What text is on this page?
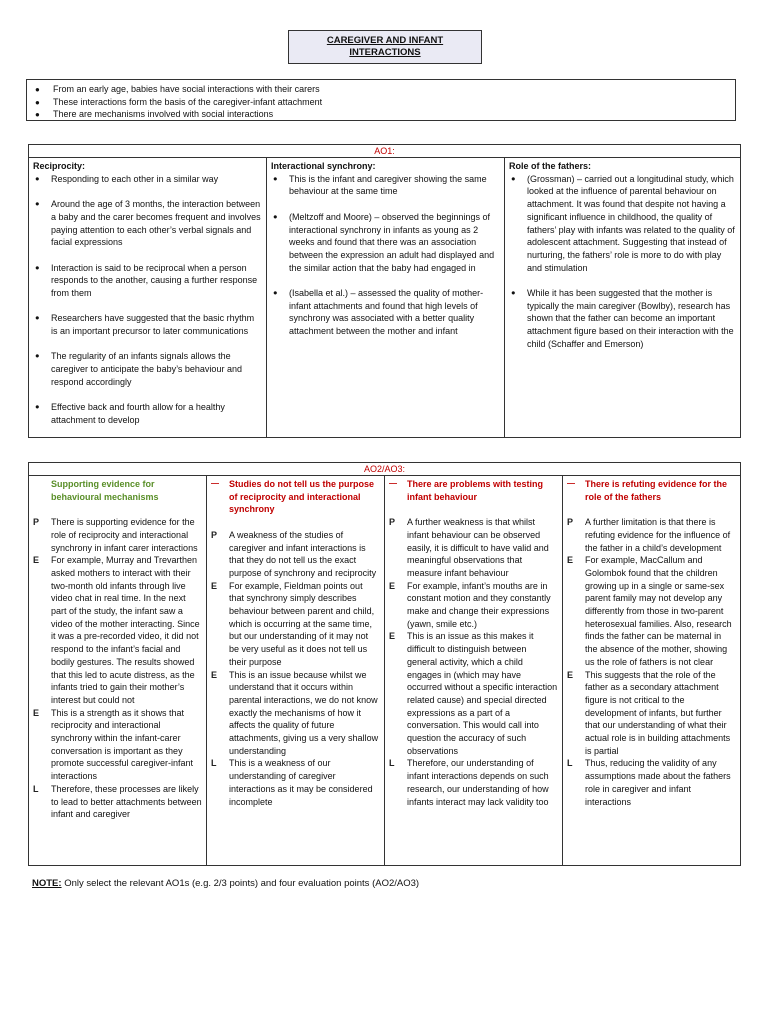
CAREGIVER AND INFANT
INTERACTIONS
● From an early age, babies have social interactions with their carers
● These interactions form the basis of the caregiver-infant attachment
● There are mechanisms involved with social interactions
AO1:

Reciprocity:
● Responding to each other in a similar way
● Around the age of 3 months, the interaction between a baby and the carer becomes frequent and involves paying attention to each other’s verbal signals and facial expressions
● Interaction is said to be reciprocal when a person responds to the another, causing a further response from them
● Researchers have suggested that the basic rhythm is an important precursor to later communications
● The regularity of an infants signals allows the caregiver to anticipate the baby’s behaviour and respond accordingly
● Effective back and fourth allow for a healthy attachment to develop

Interactional synchrony:
● This is the infant and caregiver showing the same behaviour at the same time
● (Meltzoff and Moore) – observed the beginnings of interactional synchrony in infants as young as 2 weeks and found that there was an association between the expression an adult had displayed and the similar action that the baby had engaged in
● (Isabella et al.) – assessed the quality of mother-infant attachments and found that high levels of synchrony was associated with a better quality attachment between the mother and infant

Role of the fathers:
● (Grossman) – carried out a longitudinal study, which looked at the influence of parental behaviour on attachment. It was found that despite not having a significant influence in childhood, the quality of fathers’ play with infants was related to the quality of adolescent attachment. Suggesting that instead of nurturing, the fathers’ role is more to do with play and stimulation
● While it has been suggested that the mother is typically the main caregiver (Bowlby), research has shown that the father can become an important attachment figure based on their interaction with the child (Schaffer and Emerson)
AO2/AO3:

Supporting evidence for behavioural mechanisms
P	There is supporting evidence for the role of reciprocity and interactional synchrony in infant carer interactions
E	For example, Murray and Trevarthen asked mothers to interact with their two-month old infants through live video chat in real time. In the next part of the study, the infant saw a video of the mother interacting. Since it was a pre-recorded video, it did not respond to the infant’s facial and bodily gestures. The results showed that this led to acute distress, as the infants tried to gain their mother’s interest but could not
E	This is a strength as it shows that reciprocity and interactional synchrony within the infant-carer conversation is important as they promote successful caregiver-infant interactions
L	Therefore, these processes are likely to lead to better attachments between infant and caregiver

—	Studies do not tell us the purpose of reciprocity and interactional synchrony
P	A weakness of the studies of caregiver and infant interactions is that they do not tell us the exact purpose of synchrony and reciprocity
E	For example, Fieldman points out that synchrony simply describes behaviour between parent and child, which is occurring at the same time, but our understanding of it may not be very useful as it does not tell us their purpose
E	This is an issue because whilst we understand that it occurs within parental interactions, we do not know exactly the mechanisms of how it affects the quality of future attachments, giving us a very shallow understanding
L	This is a weakness of our understanding of caregiver interactions as it may be considered incomplete

—	There are problems with testing infant behaviour
P	A further weakness is that whilst infant behaviour can be observed easily, it is difficult to have valid and meaningful observations that measure infant behaviour
E	For example, infant’s mouths are in constant motion and they constantly make and change their expressions (yawn, smile etc.)
E	This is an issue as this makes it difficult to distinguish between general activity, which a child engages in (which may have occurred without a specific interaction related cause) and special directed expressions as a part of a conversation. This would call into question the accuracy of such observations
L	Therefore, our understanding of infant interactions depends on such research, our understanding of how infants interact may lack validity too

—	There is refuting evidence for the role of the fathers
P	A further limitation is that there is refuting evidence for the influence of the father in a child’s development
E	For example, MacCallum and Golombok found that the children growing up in a single or same-sex parent family may not develop any differently from those in two-parent heterosexual families. Also, research finds the father can be maternal in the absence of the mother, showing us the role of fathers is not clear
E	This suggests that the role of the father as a secondary attachment figure is not critical to the development of infants, but further that our understanding of what their actual role is in building attachments is partial
L	Thus, reducing the validity of any assumptions made about the fathers role in caregiver and infant interactions
NOTE: Only select the relevant AO1s (e.g. 2/3 points) and four evaluation points (AO2/AO3)
